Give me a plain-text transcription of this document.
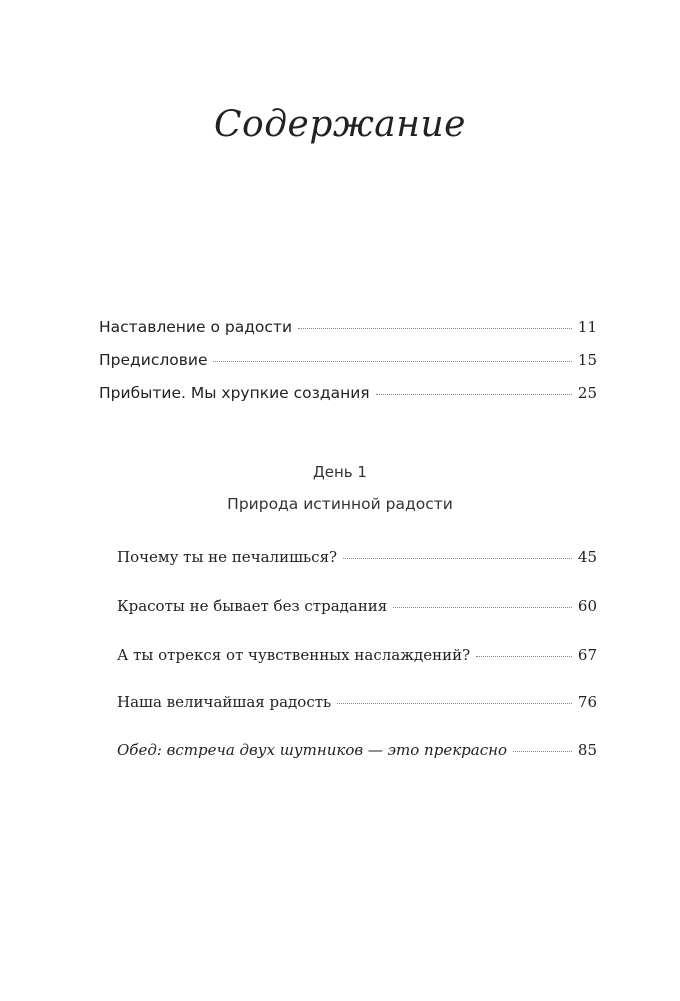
Содержание
Наставление о радости	11
Предисловие	15
Прибытие. Мы хрупкие создания	25
День 1
Природа истинной радости
Почему ты не печалишься?	45
Красоты не бывает без страдания	60
А ты отрекся от чувственных наслаждений?	67
Наша величайшая радость	76
Обед: встреча двух шутников — это прекрасно	85
